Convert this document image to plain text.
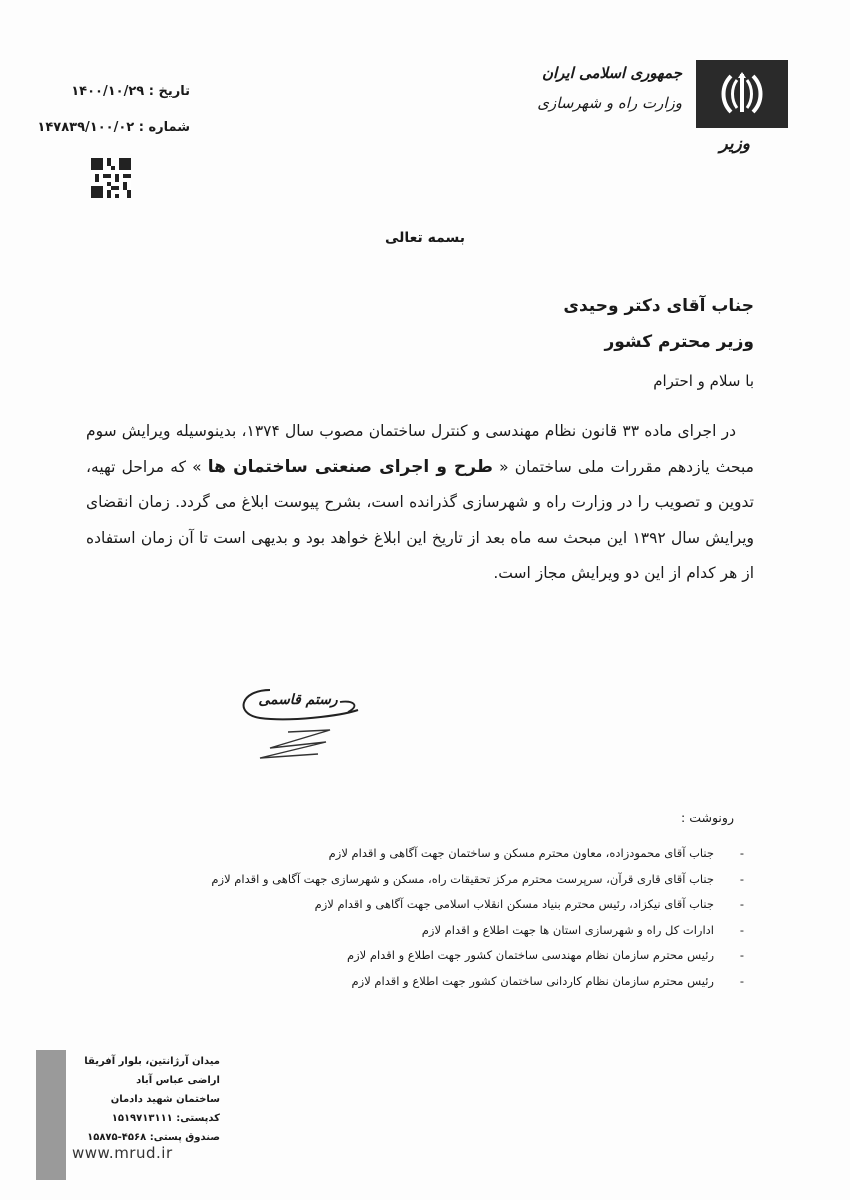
جمهوری اسلامی ایران
وزارت راه و شهرسازی
وزیر
تاریخ : ۱۴۰۰/۱۰/۲۹
شماره : ۱۴۷۸۳۹/۱۰۰/۰۲
بسمه تعالی
جناب آقای دکتر وحیدی
وزیر محترم کشور
با سلام و احترام
در اجرای ماده ۳۳ قانون نظام مهندسی و کنترل ساختمان مصوب سال ۱۳۷۴، بدینوسیله ویرایش سوم مبحث یازدهم مقررات ملی ساختمان « طرح و اجرای صنعتی ساختمان ها » که مراحل تهیه، تدوین و تصویب را در وزارت راه و شهرسازی گذرانده است، بشرح پیوست ابلاغ می گردد. زمان انقضای ویرایش سال ۱۳۹۲ این مبحث سه ماه بعد از تاریخ این ابلاغ خواهد بود و بدیهی است تا آن زمان استفاده از هر کدام از این دو ویرایش مجاز است.
رستم قاسمی
رونوشت :
-
جناب آقای محمودزاده، معاون محترم مسکن و ساختمان جهت آگاهی و اقدام لازم
-
جناب آقای قاری قرآن، سرپرست محترم مرکز تحقیقات راه، مسکن و شهرسازی جهت آگاهی و اقدام لازم
-
جناب آقای نیکزاد، رئیس محترم بنیاد مسکن انقلاب اسلامی جهت آگاهی و اقدام لازم
-
ادارات کل راه و شهرسازی استان ها جهت اطلاع و اقدام لازم
-
رئیس محترم سازمان نظام مهندسی ساختمان کشور جهت اطلاع و اقدام لازم
-
رئیس محترم سازمان نظام کاردانی ساختمان کشور جهت اطلاع و اقدام لازم
میدان آرژانتین، بلوار آفریقا
اراضی عباس آباد
ساختمان شهید دادمان
کدپستی: ۱۵۱۹۷۱۳۱۱۱
صندوق پستی: ۴۵۶۸-۱۵۸۷۵
www.mrud.ir
